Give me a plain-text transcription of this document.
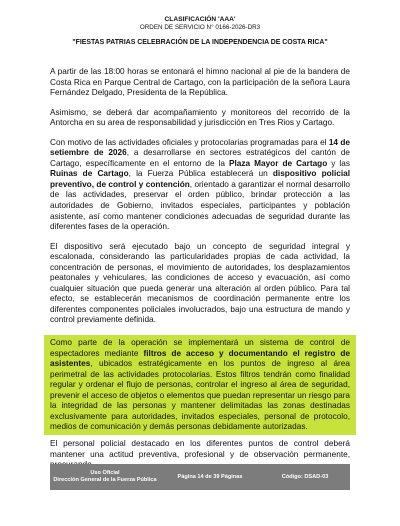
CLASIFICACIÓN 'AAA'
ORDEN DE SERVICIO N° 0166-2026-DR3
"FIESTAS PATRIAS CELEBRACIÓN DE LA INDEPENDENCIA DE COSTA RICA"

A partir de las 18:00 horas se entonará el himno nacional al pie de la bandera de Costa Rica en Parque Central de Cartago, con la participación de la señora Laura Fernández Delgado, Presidenta de la República.

Asimismo, se deberá dar acompañamiento y monitoreos del recorrido de la Antorcha en su area de responsabilidad y jurisdicción en Tres Rios y Cartago.

Con motivo de las actividades oficiales y protocolarias programadas para el 14 de setiembre de 2026, a desarrollarse en sectores estratégicos del cantón de Cartago, específicamente en el entorno de la Plaza Mayor de Cartago y las Ruinas de Cartago, la Fuerza Pública establecerá un dispositivo policial preventivo, de control y contención, orientado a garantizar el normal desarrollo de las actividades, preservar el orden público, brindar protección a las autoridades de Gobierno, invitados especiales, participantes y población asistente, así como mantener condiciones adecuadas de seguridad durante las diferentes fases de la operación.

El dispositivo será ejecutado bajo un concepto de seguridad integral y escalonada, considerando las particularidades propias de cada actividad, la concentración de personas, el movimiento de autoridades, los desplazamientos peatonales y vehiculares, las condiciones de acceso y evacuación, así como cualquier situación que pueda generar una alteración al orden público. Para tal efecto, se establecerán mecanismos de coordinación permanente entre los diferentes componentes policiales involucrados, bajo una estructura de mando y control previamente definida.

Como parte de la operación se implementará un sistema de control de espectadores mediante filtros de acceso y documentando el registro de asistentes, ubicados estratégicamente en los puntos de ingreso al área perimetral de las actividades protocolarias. Estos filtros tendrán como finalidad regular y ordenar el flujo de personas, controlar el ingreso al área de seguridad, prevenir el acceso de objetos o elementos que puedan representar un riesgo para la integridad de las personas y mantener delimitadas las zonas destinadas exclusivamente para autoridades, invitados especiales, personal de protocolo, medios de comunicación y demás personas debidamente autorizadas.

El personal policial destacado en los diferentes puntos de control deberá mantener una actitud preventiva, profesional y de observación permanente,

Uso Oficial
Dirección General de la Fuerza Pública
Página 14 de 39 Páginas	Código: DSAD-03
